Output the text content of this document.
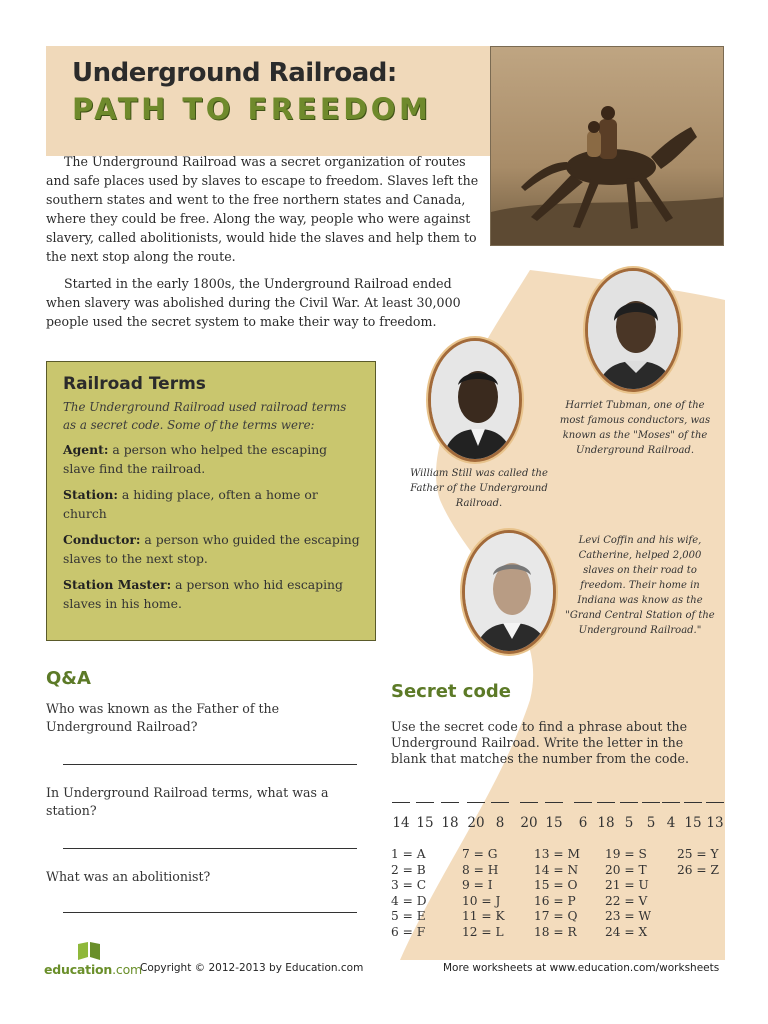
Underground Railroad:
PATH TO FREEDOM

The Underground Railroad was a secret organization of routes and safe places used by slaves to escape to freedom. Slaves left the southern states and went to the free northern states and Canada, where they could be free. Along the way, people who were against slavery, called abolitionists, would hide the slaves and help them to the next stop along the route.

Started in the early 1800s, the Underground Railroad ended when slavery was abolished during the Civil War. At least 30,000 people used the secret system to make their way to freedom.

Railroad Terms
The Underground Railroad used railroad terms as a secret code. Some of the terms were:
Agent: a person who helped the escaping slave find the railroad.
Station: a hiding place, often a home or church
Conductor: a person who guided the escaping slaves to the next stop.
Station Master: a person who hid escaping slaves in his home.
William Still was called the Father of the Underground Railroad.
Harriet Tubman, one of the most famous conductors, was known as the "Moses" of the Underground Railroad.
Levi Coffin and his wife, Catherine, helped 2,000 slaves on their road to freedom. Their home in Indiana was know as the "Grand Central Station of the Underground Railroad."
Q&A
Who was known as the Father of the Underground Railroad?
In Underground Railroad terms, what was a station?
What was an abolitionist?
Secret code
Use the secret code to find a phrase about the Underground Railroad. Write the letter in the blank that matches the number from the code.
14 15 18 20 8	20 15	6 18 5 5 4 15 13
1 = A
2 = B
3 = C
4 = D
5 = E
6 = F
7 = G
8 = H
9 = I
10 = J
11 = K
12 = L
13 = M
14 = N
15 = O
16 = P
17 = Q
18 = R
19 = S
20 = T
21 = U
22 = V
23 = W
24 = X
25 = Y
26 = Z
education.com
Copyright © 2012-2013 by Education.com	More worksheets at www.education.com/worksheets
